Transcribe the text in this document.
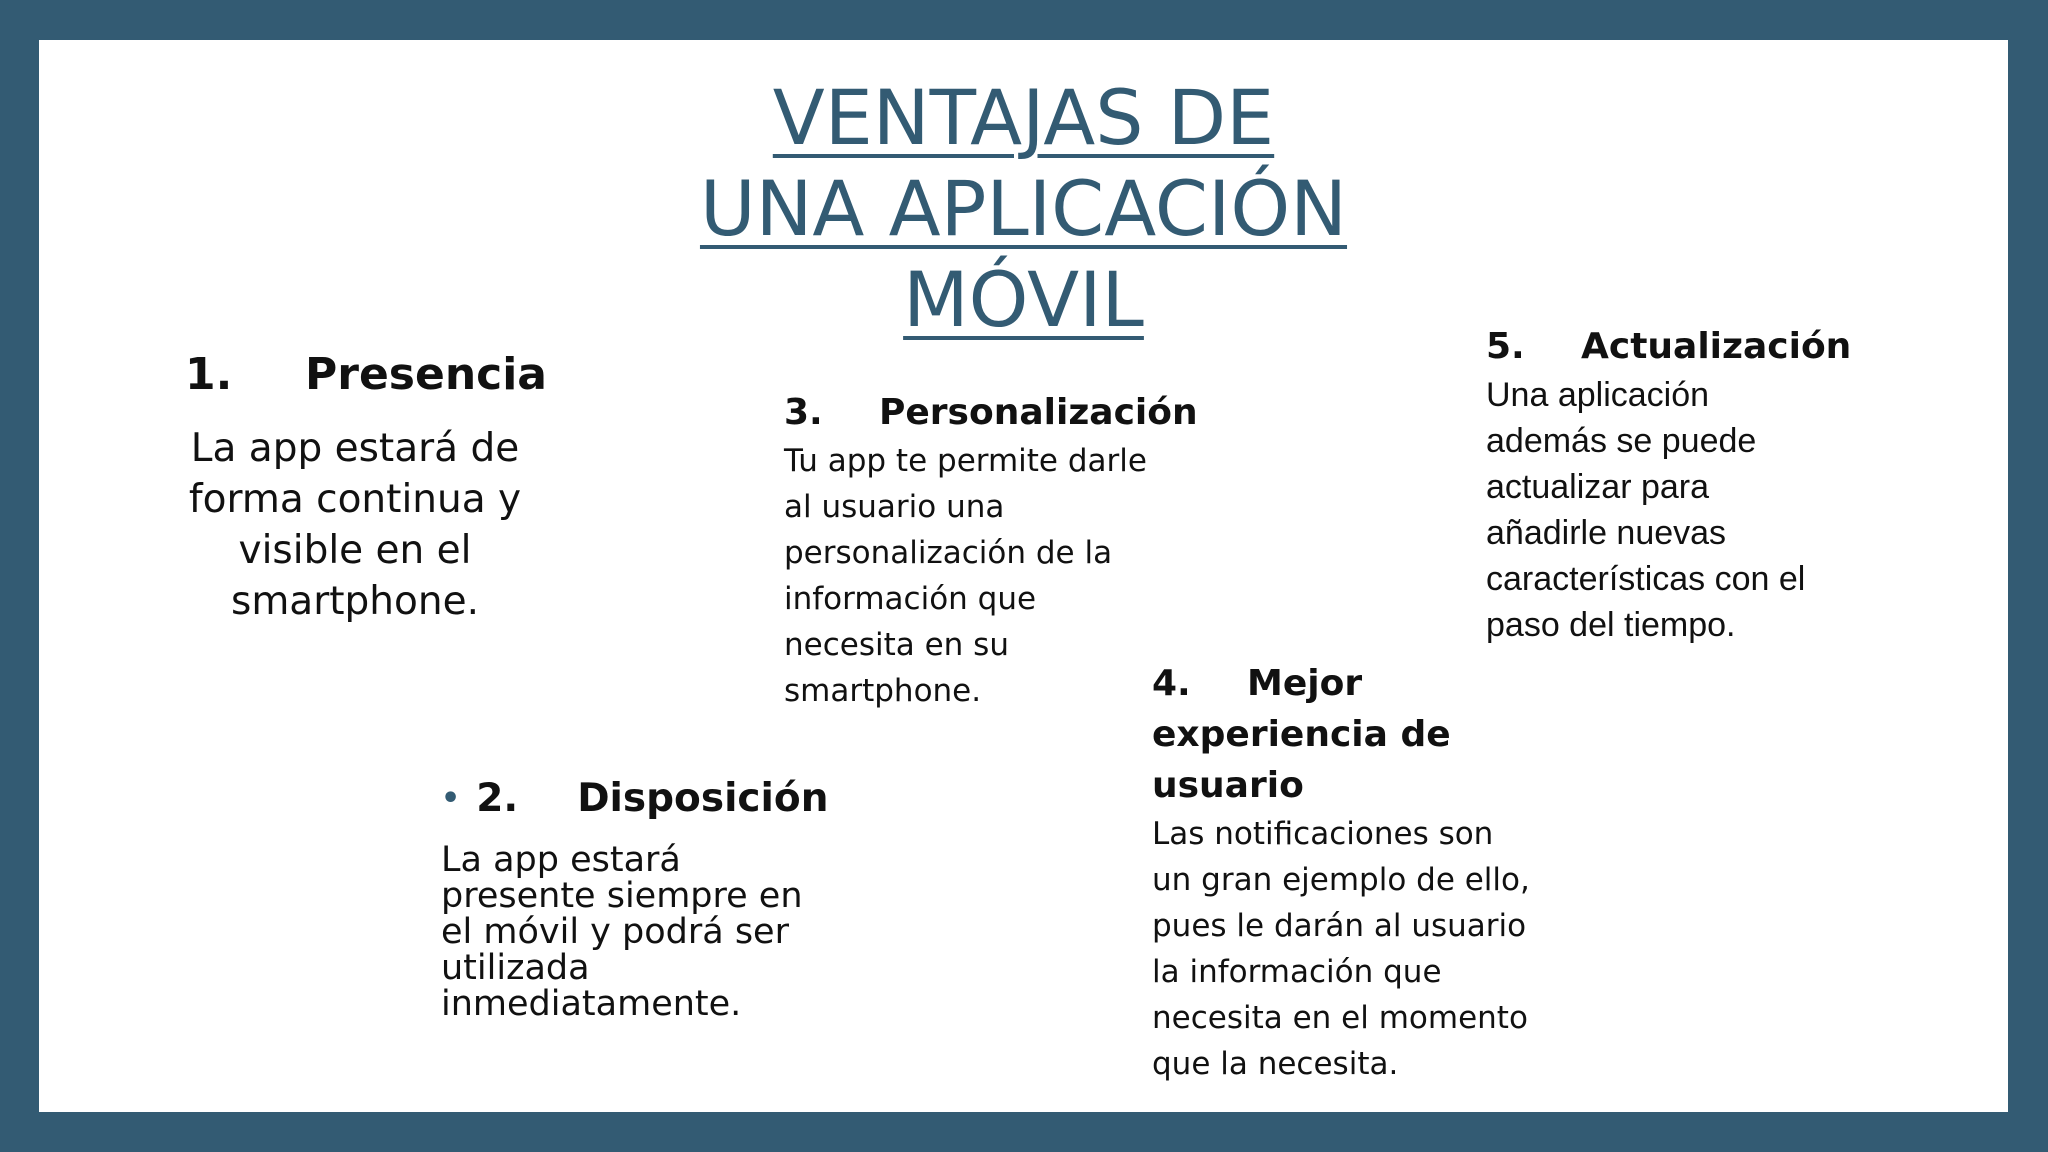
VENTAJAS DE
UNA APLICACIÓN
MÓVIL
1. Presencia
La app estará de
forma continua y
visible en el
smartphone.
• 2. Disposición
La app estará
presente siempre en
el móvil y podrá ser
utilizada
inmediatamente.
3. Personalización
Tu app te permite darle
al usuario una
personalización de la
información que
necesita en su
smartphone.	4. Mejor
experiencia de
usuario
Las notificaciones son
un gran ejemplo de ello,
pues le darán al usuario
la información que
necesita en el momento
que la necesita.
5. Actualización
Una aplicación
además se puede
actualizar para
añadirle nuevas
características con el
paso del tiempo.
